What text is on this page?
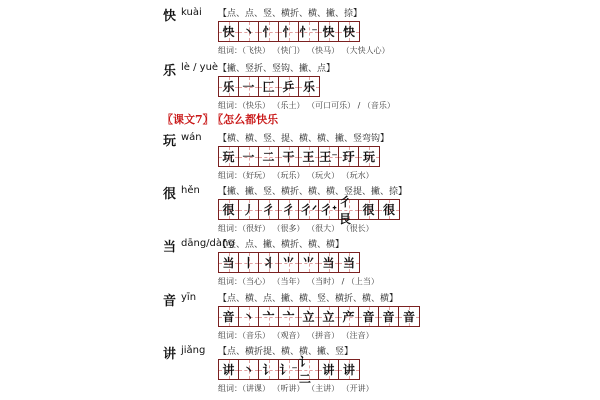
〖课文7〗 〖怎么都快乐
快 kuài 【点、点、竖、横折、横、撇、捺】
快 丶 忄 忄 忄⁻ 快 快
组词：（飞快） （快门） （快马） （大快人心）
乐 lè / yuè 【撇、竖折、竖钩、撇、点】
乐 一 匚 乒 乐
组词：（快乐） （乐土） （可口可乐） / （音乐）
玩 wán 【横、横、竖、提、横、横、撇、竖弯钩】
玩 一 二 干 王 王⁻ 玗 玩
组词：（好玩） （玩乐） （玩火） （玩水）
很 hěn 【撇、撇、竖、横折、横、横、竖提、撇、捺】
很 丿 彳 彳 彳ᐟ 彳ᐩ
彳艮
很 很
组词：（很好） （很多） （很大） （很长）
当 dāng/dàng
【竖、点、撇、横折、横、横】
当 丨 丬 ⺌ ⺌ 当 当
组词：（当心） （当年） （当时） / （上当）
音 yīn 【点、横、点、撇、横、竖、横折、横、横】
音 丶 亠 亠 立 立 产 音 音 音
组词：（音乐） （观音） （拼音） （注音）
讲 jiǎng 【点、横折提、横、横、撇、竖】
讲 丶 讠 讠⁻
讠二
讲 讲
组词：（讲课） （听讲） （主讲） （开讲）
